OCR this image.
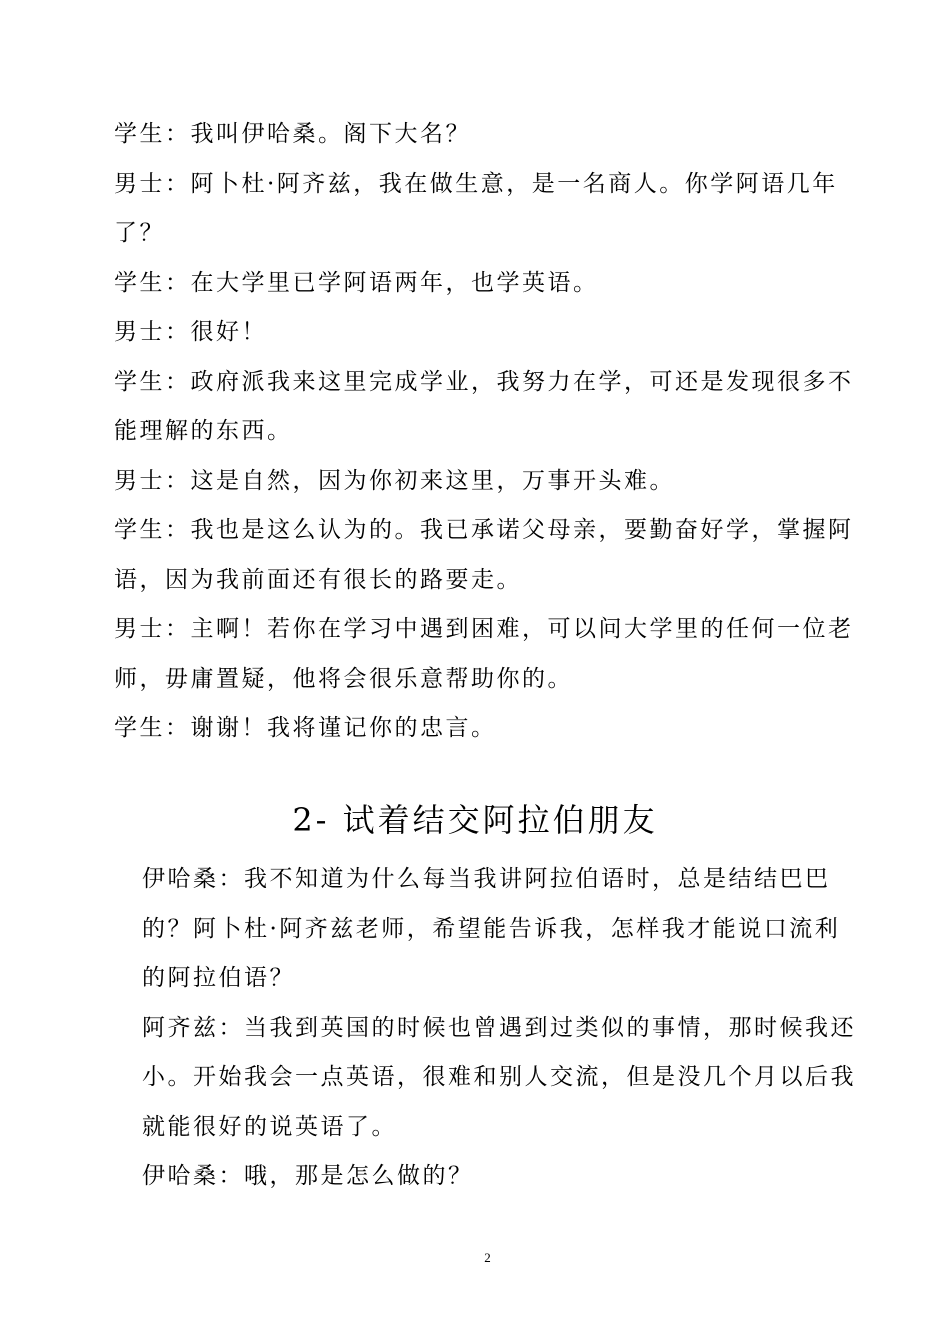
学生：我叫伊哈桑。阁下大名？

男士：阿卜杜·阿齐兹，我在做生意，是一名商人。你学阿语几年了？

学生：在大学里已学阿语两年，也学英语。

男士：很好！

学生：政府派我来这里完成学业，我努力在学，可还是发现很多不能理解的东西。

男士：这是自然，因为你初来这里，万事开头难。

学生：我也是这么认为的。我已承诺父母亲，要勤奋好学，掌握阿语，因为我前面还有很长的路要走。

男士：主啊！若你在学习中遇到困难，可以问大学里的任何一位老师，毋庸置疑，他将会很乐意帮助你的。

学生：谢谢！我将谨记你的忠言。

2- 试着结交阿拉伯朋友

伊哈桑：我不知道为什么每当我讲阿拉伯语时，总是结结巴巴的？阿卜杜·阿齐兹老师，希望能告诉我，怎样我才能说口流利的阿拉伯语？

阿齐兹：当我到英国的时候也曾遇到过类似的事情，那时候我还小。开始我会一点英语，很难和别人交流，但是没几个月以后我就能很好的说英语了。

伊哈桑：哦，那是怎么做的？

2
